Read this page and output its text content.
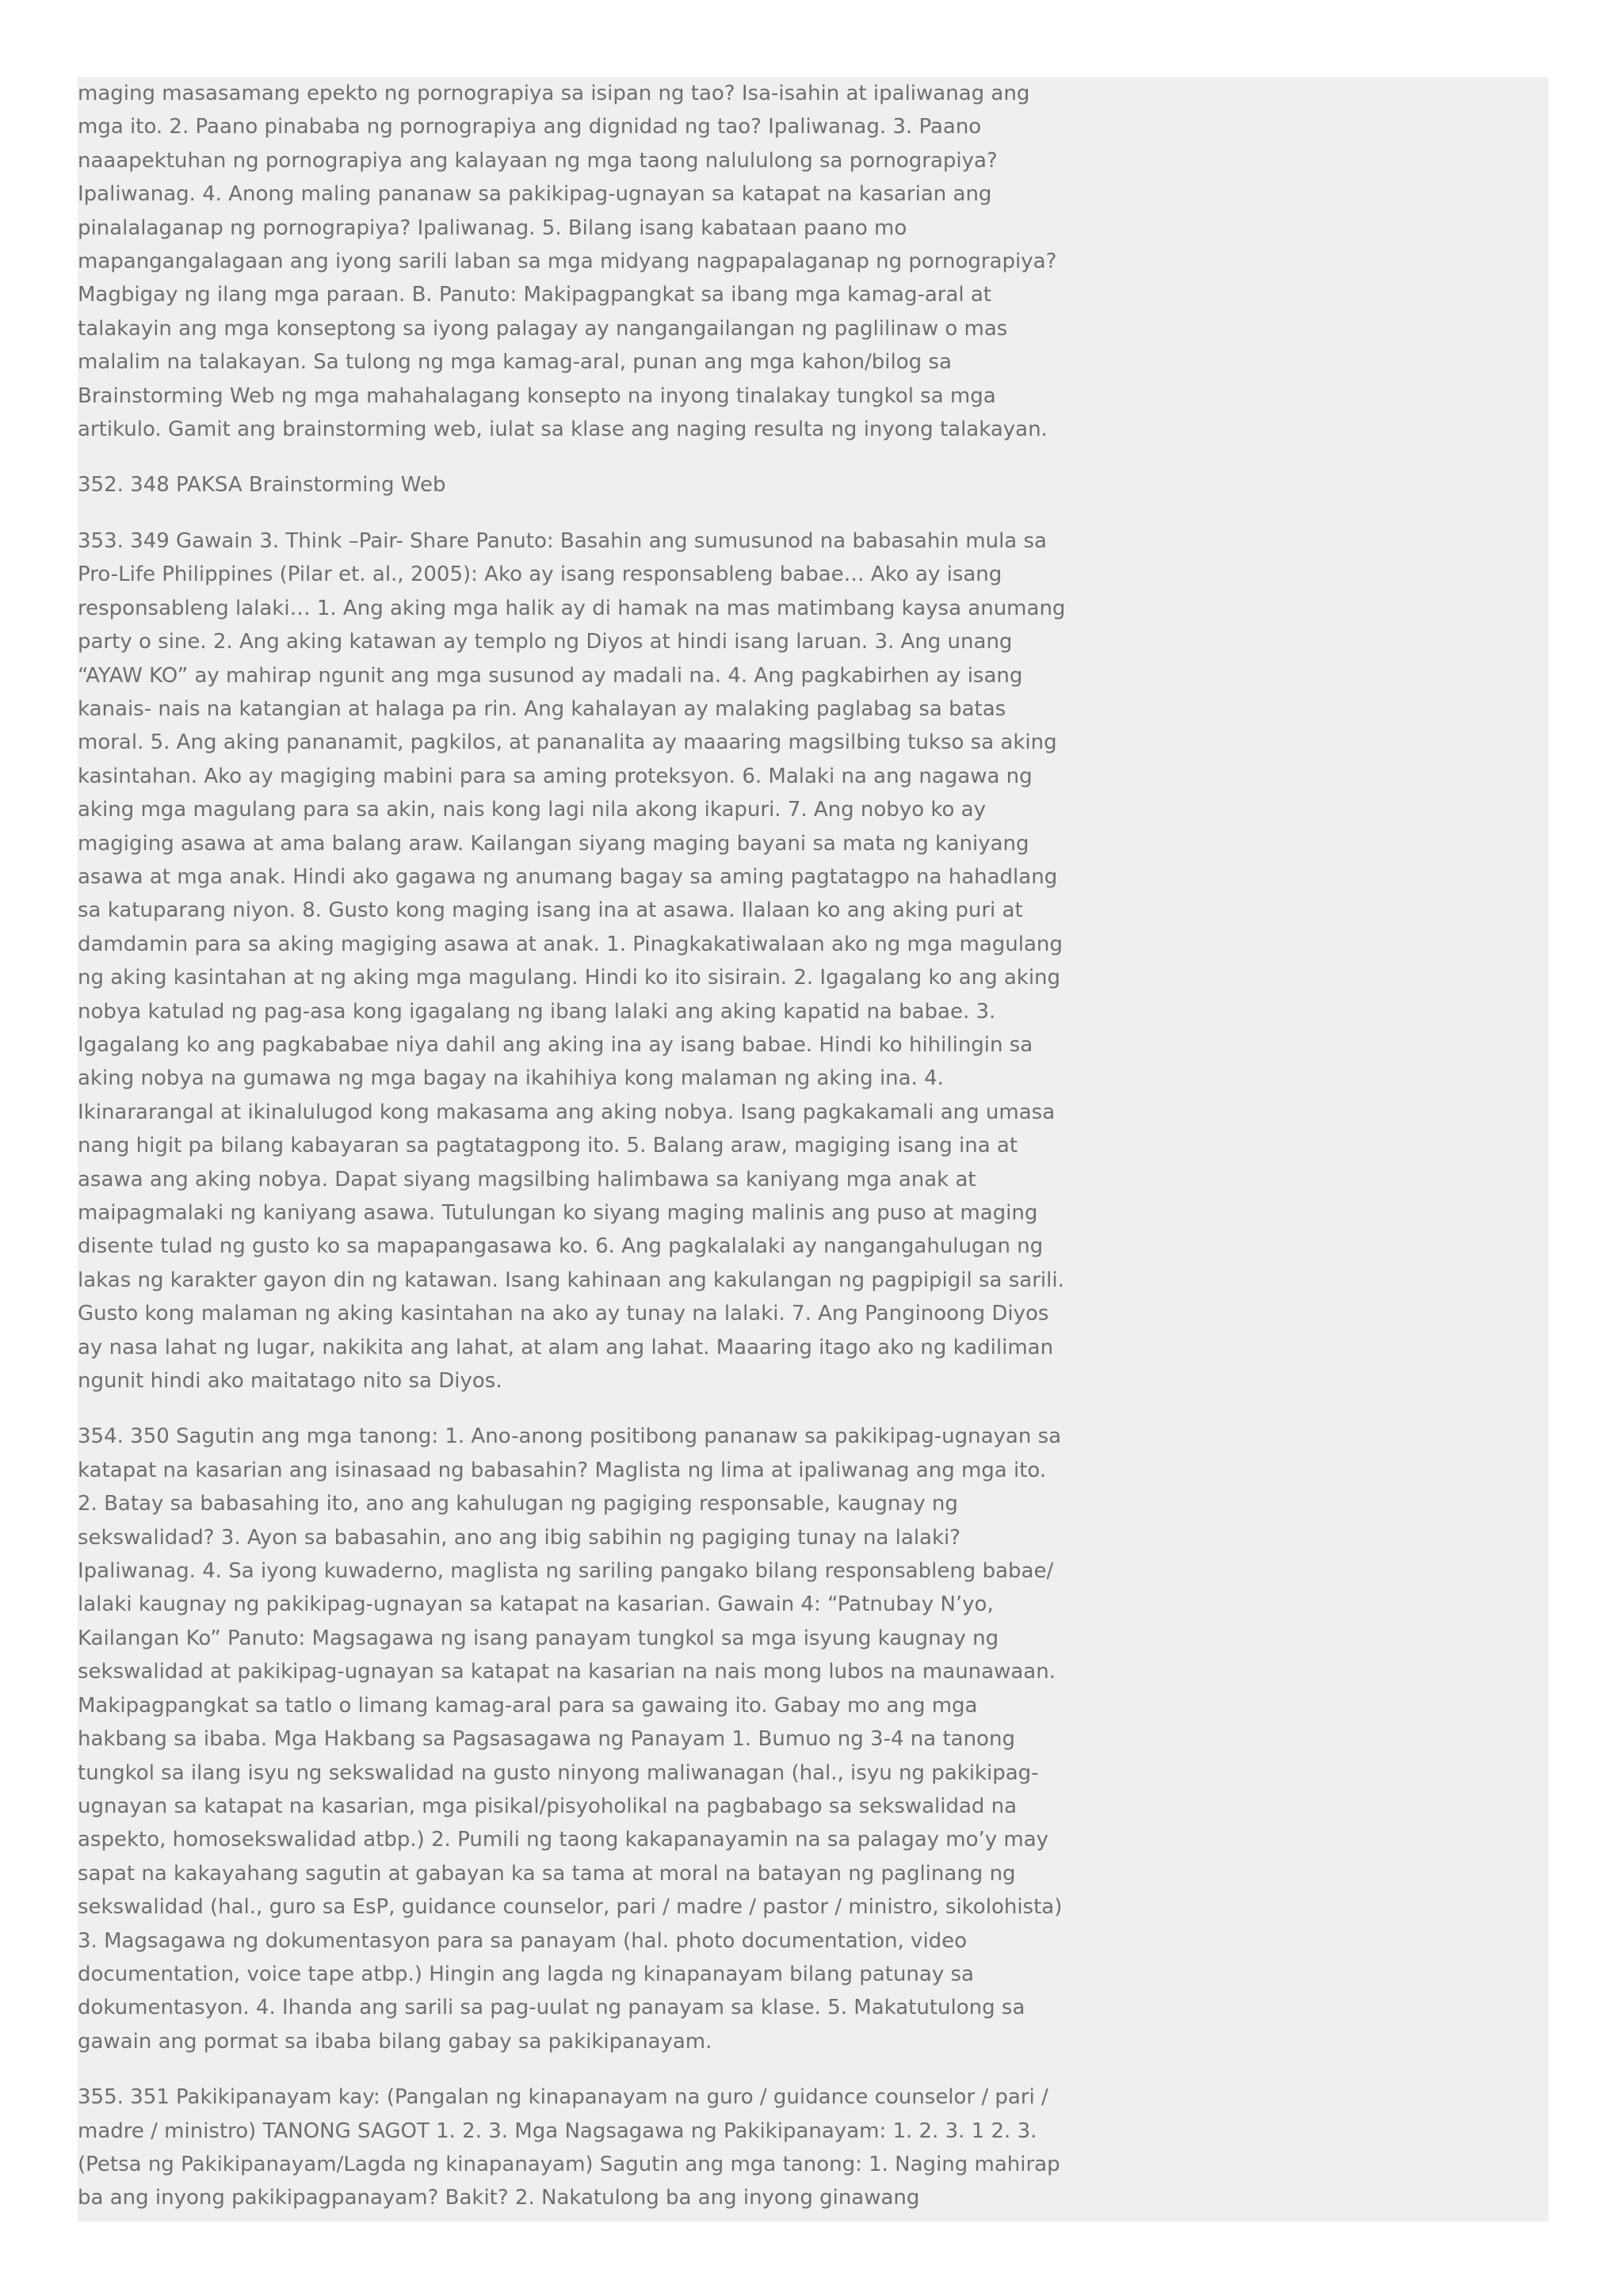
maging masasamang epekto ng pornograpiya sa isipan ng tao? Isa-isahin at ipaliwanag ang mga ito. 2. Paano pinababa ng pornograpiya ang dignidad ng tao? Ipaliwanag. 3. Paano naaapektuhan ng pornograpiya ang kalayaan ng mga taong nalululong sa pornograpiya? Ipaliwanag. 4. Anong maling pananaw sa pakikipag-ugnayan sa katapat na kasarian ang pinalalaganap ng pornograpiya? Ipaliwanag. 5. Bilang isang kabataan paano mo mapangangalagaan ang iyong sarili laban sa mga midyang nagpapalaganap ng pornograpiya? Magbigay ng ilang mga paraan. B. Panuto: Makipagpangkat sa ibang mga kamag-aral at talakayin ang mga konseptong sa iyong palagay ay nangangailangan ng paglilinaw o mas malalim na talakayan. Sa tulong ng mga kamag-aral, punan ang mga kahon/bilog sa Brainstorming Web ng mga mahahalagang konsepto na inyong tinalakay tungkol sa mga artikulo. Gamit ang brainstorming web, iulat sa klase ang naging resulta ng inyong talakayan.

352. 348 PAKSA Brainstorming Web

353. 349 Gawain 3. Think –Pair- Share Panuto: Basahin ang sumusunod na babasahin mula sa Pro-Life Philippines (Pilar et. al., 2005): Ako ay isang responsableng babae… Ako ay isang responsableng lalaki… 1. Ang aking mga halik ay di hamak na mas matimbang kaysa anumang party o sine. 2. Ang aking katawan ay templo ng Diyos at hindi isang laruan. 3. Ang unang “AYAW KO” ay mahirap ngunit ang mga susunod ay madali na. 4. Ang pagkabirhen ay isang kanais- nais na katangian at halaga pa rin. Ang kahalayan ay malaking paglabag sa batas moral. 5. Ang aking pananamit, pagkilos, at pananalita ay maaaring magsilbing tukso sa aking kasintahan. Ako ay magiging mabini para sa aming proteksyon. 6. Malaki na ang nagawa ng aking mga magulang para sa akin, nais kong lagi nila akong ikapuri. 7. Ang nobyo ko ay magiging asawa at ama balang araw. Kailangan siyang maging bayani sa mata ng kaniyang asawa at mga anak. Hindi ako gagawa ng anumang bagay sa aming pagtatagpo na hahadlang sa katuparang niyon. 8. Gusto kong maging isang ina at asawa. Ilalaan ko ang aking puri at damdamin para sa aking magiging asawa at anak. 1. Pinagkakatiwalaan ako ng mga magulang ng aking kasintahan at ng aking mga magulang. Hindi ko ito sisirain. 2. Igagalang ko ang aking nobya katulad ng pag-asa kong igagalang ng ibang lalaki ang aking kapatid na babae. 3. Igagalang ko ang pagkababae niya dahil ang aking ina ay isang babae. Hindi ko hihilingin sa aking nobya na gumawa ng mga bagay na ikahihiya kong malaman ng aking ina. 4. Ikinararangal at ikinalulugod kong makasama ang aking nobya. Isang pagkakamali ang umasa nang higit pa bilang kabayaran sa pagtatagpong ito. 5. Balang araw, magiging isang ina at asawa ang aking nobya. Dapat siyang magsilbing halimbawa sa kaniyang mga anak at maipagmalaki ng kaniyang asawa. Tutulungan ko siyang maging malinis ang puso at maging disente tulad ng gusto ko sa mapapangasawa ko. 6. Ang pagkalalaki ay nangangahulugan ng lakas ng karakter gayon din ng katawan. Isang kahinaan ang kakulangan ng pagpipigil sa sarili. Gusto kong malaman ng aking kasintahan na ako ay tunay na lalaki. 7. Ang Panginoong Diyos ay nasa lahat ng lugar, nakikita ang lahat, at alam ang lahat. Maaaring itago ako ng kadiliman ngunit hindi ako maitatago nito sa Diyos.

354. 350 Sagutin ang mga tanong: 1. Ano-anong positibong pananaw sa pakikipag-ugnayan sa katapat na kasarian ang isinasaad ng babasahin? Maglista ng lima at ipaliwanag ang mga ito. 2. Batay sa babasahing ito, ano ang kahulugan ng pagiging responsable, kaugnay ng sekswalidad? 3. Ayon sa babasahin, ano ang ibig sabihin ng pagiging tunay na lalaki? Ipaliwanag. 4. Sa iyong kuwaderno, maglista ng sariling pangako bilang responsableng babae/ lalaki kaugnay ng pakikipag-ugnayan sa katapat na kasarian. Gawain 4: “Patnubay N’yo, Kailangan Ko” Panuto: Magsagawa ng isang panayam tungkol sa mga isyung kaugnay ng sekswalidad at pakikipag-ugnayan sa katapat na kasarian na nais mong lubos na maunawaan. Makipagpangkat sa tatlo o limang kamag-aral para sa gawaing ito. Gabay mo ang mga hakbang sa ibaba. Mga Hakbang sa Pagsasagawa ng Panayam 1. Bumuo ng 3-4 na tanong tungkol sa ilang isyu ng sekswalidad na gusto ninyong maliwanagan (hal., isyu ng pakikipag-ugnayan sa katapat na kasarian, mga pisikal/pisyoholikal na pagbabago sa sekswalidad na aspekto, homosekswalidad atbp.) 2. Pumili ng taong kakapanayamin na sa palagay mo’y may sapat na kakayahang sagutin at gabayan ka sa tama at moral na batayan ng paglinang ng sekswalidad (hal., guro sa EsP, guidance counselor, pari / madre / pastor / ministro, sikolohista) 3. Magsagawa ng dokumentasyon para sa panayam (hal. photo documentation, video documentation, voice tape atbp.) Hingin ang lagda ng kinapanayam bilang patunay sa dokumentasyon. 4. Ihanda ang sarili sa pag-uulat ng panayam sa klase. 5. Makatutulong sa gawain ang pormat sa ibaba bilang gabay sa pakikipanayam.

355. 351 Pakikipanayam kay: (Pangalan ng kinapanayam na guro / guidance counselor / pari / madre / ministro) TANONG SAGOT 1. 2. 3. Mga Nagsagawa ng Pakikipanayam: 1. 2. 3. 1 2. 3. (Petsa ng Pakikipanayam/Lagda ng kinapanayam) Sagutin ang mga tanong: 1. Naging mahirap ba ang inyong pakikipagpanayam? Bakit? 2. Nakatulong ba ang inyong ginawang
